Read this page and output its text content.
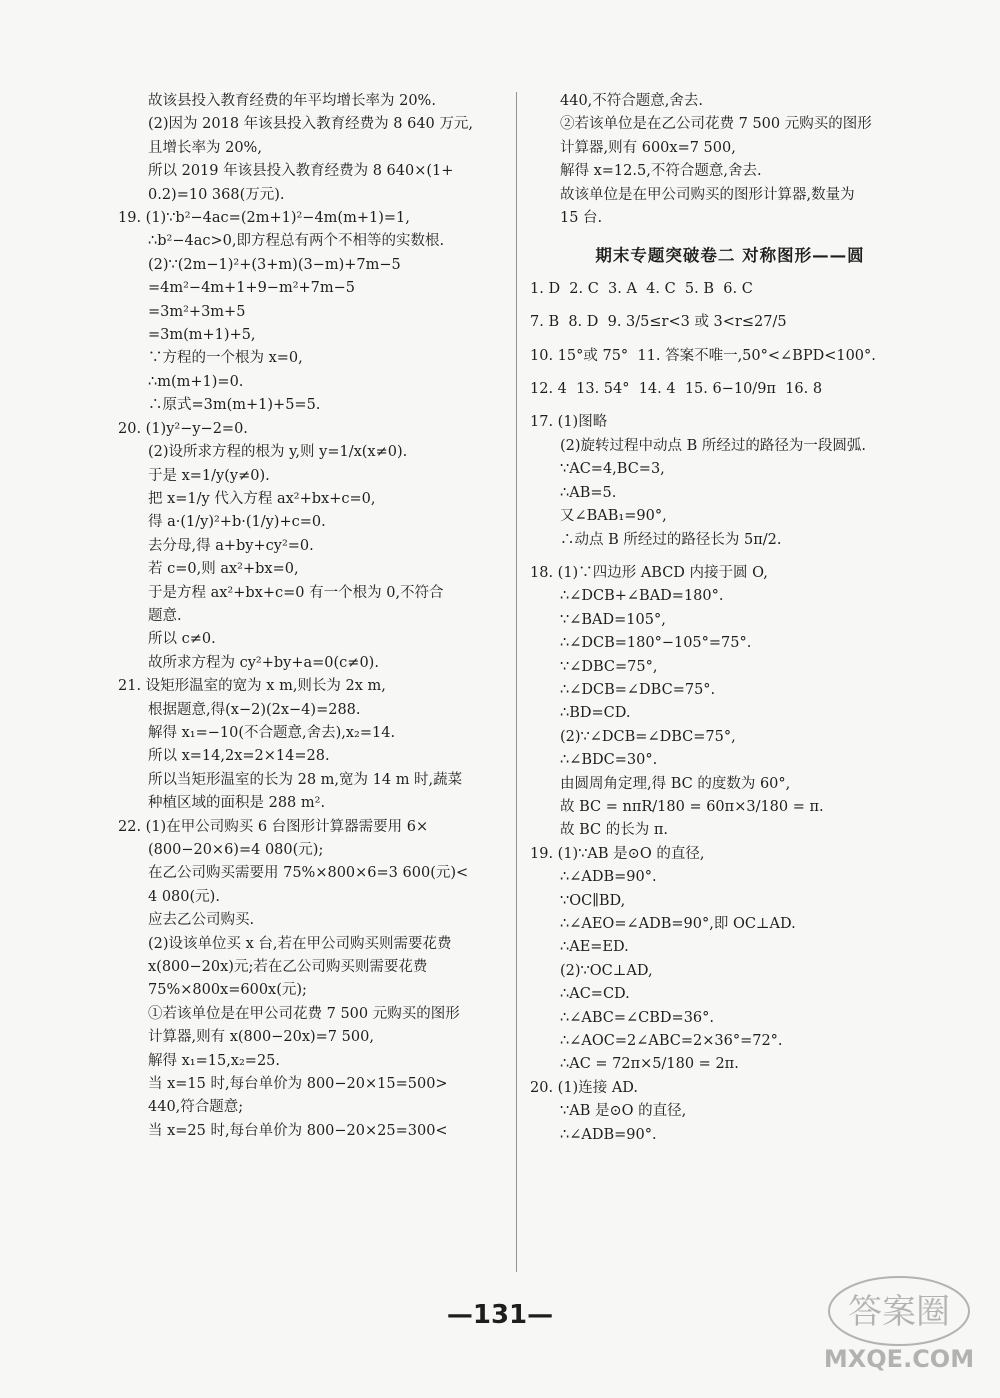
故该县投入教育经费的年平均增长率为 20%.
(2)因为 2018 年该县投入教育经费为 8 640 万元,
且增长率为 20%,
所以 2019 年该县投入教育经费为 8 640×(1+
0.2)=10 368(万元).
19. (1)∵b²−4ac=(2m+1)²−4m(m+1)=1,
∴b²−4ac>0,即方程总有两个不相等的实数根.
(2)∵(2m−1)²+(3+m)(3−m)+7m−5
=4m²−4m+1+9−m²+7m−5
=3m²+3m+5
=3m(m+1)+5,
∵方程的一个根为 x=0,
∴m(m+1)=0.
∴原式=3m(m+1)+5=5.
20. (1)y²−y−2=0.
(2)设所求方程的根为 y,则 y=1/x(x≠0).
于是 x=1/y(y≠0).
把 x=1/y 代入方程 ax²+bx+c=0,
得 a·(1/y)²+b·(1/y)+c=0.
去分母,得 a+by+cy²=0.
若 c=0,则 ax²+bx=0,
于是方程 ax²+bx+c=0 有一个根为 0,不符合
题意.
所以 c≠0.
故所求方程为 cy²+by+a=0(c≠0).
21. 设矩形温室的宽为 x m,则长为 2x m,
根据题意,得(x−2)(2x−4)=288.
解得 x₁=−10(不合题意,舍去),x₂=14.
所以 x=14,2x=2×14=28.
所以当矩形温室的长为 28 m,宽为 14 m 时,蔬菜
种植区域的面积是 288 m².
22. (1)在甲公司购买 6 台图形计算器需要用 6×
(800−20×6)=4 080(元);
在乙公司购买需要用 75%×800×6=3 600(元)<
4 080(元).
应去乙公司购买.
(2)设该单位买 x 台,若在甲公司购买则需要花费
x(800−20x)元;若在乙公司购买则需要花费
75%×800x=600x(元);
①若该单位是在甲公司花费 7 500 元购买的图形
计算器,则有 x(800−20x)=7 500,
解得 x₁=15,x₂=25.
当 x=15 时,每台单价为 800−20×15=500>
440,符合题意;
当 x=25 时,每台单价为 800−20×25=300<
440,不符合题意,舍去.
②若该单位是在乙公司花费 7 500 元购买的图形
计算器,则有 600x=7 500,
解得 x=12.5,不符合题意,舍去.
故该单位是在甲公司购买的图形计算器,数量为
15 台.
期末专题突破卷二 对称图形——圆
1. D  2. C  3. A  4. C  5. B  6. C
7. B  8. D  9. 3/5≤r<3 或 3<r≤27/5
10. 15°或 75°  11. 答案不唯一,50°<∠BPD<100°.
12. 4  13. 54°  14. 4  15. 6−10/9π  16. 8
17. (1)图略
(2)旋转过程中动点 B 所经过的路径为一段圆弧.
∵AC=4,BC=3,
∴AB=5.
又∠BAB₁=90°,
∴动点 B 所经过的路径长为 5π/2.
18. (1)∵四边形 ABCD 内接于圆 O,
∴∠DCB+∠BAD=180°.
∵∠BAD=105°,
∴∠DCB=180°−105°=75°.
∵∠DBC=75°,
∴∠DCB=∠DBC=75°.
∴BD=CD.
(2)∵∠DCB=∠DBC=75°,
∴∠BDC=30°.
由圆周角定理,得 BC 的度数为 60°,
故 BC = nπR/180 = 60π×3/180 = π.
故 BC 的长为 π.
19. (1)∵AB 是⊙O 的直径,
∴∠ADB=90°.
∵OC∥BD,
∴∠AEO=∠ADB=90°,即 OC⊥AD.
∴AE=ED.
(2)∵OC⊥AD,
∴AC=CD.
∴∠ABC=∠CBD=36°.
∴∠AOC=2∠ABC=2×36°=72°.
∴AC = 72π×5/180 = 2π.
20. (1)连接 AD.
∵AB 是⊙O 的直径,
∴∠ADB=90°.
—131—	答案圈
MXQE.COM
